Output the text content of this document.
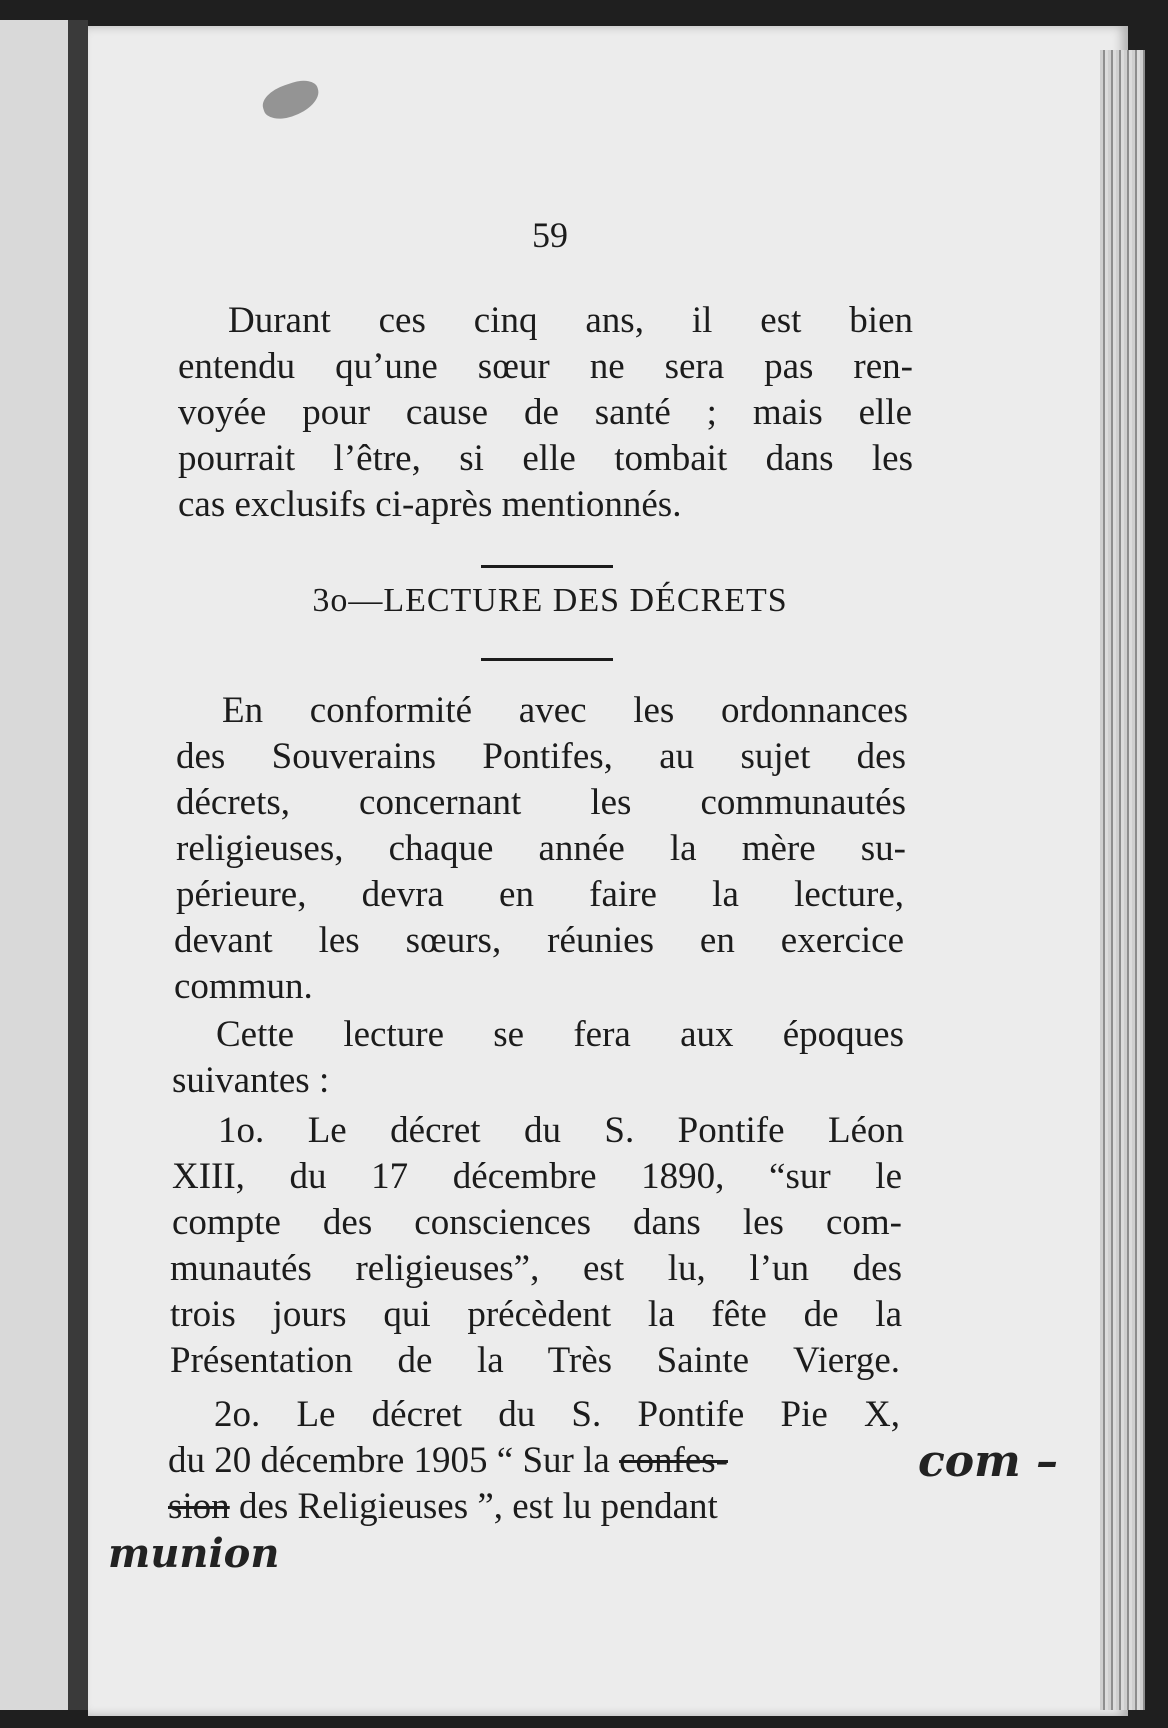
59
Durant ces cinq ans, il est bien
entendu qu’une sœur ne sera pas ren-
voyée pour cause de santé ; mais elle
pourrait l’être, si elle tombait dans les
cas exclusifs ci-après mentionnés.
3o—LECTURE DES DÉCRETS
En conformité avec les ordonnances
des Souverains Pontifes, au sujet des
décrets, concernant les communautés
religieuses, chaque année la mère su-
périeure, devra en faire la lecture,
devant les sœurs, réunies en exercice
commun.
Cette lecture se fera aux époques
suivantes :
1o. Le décret du S. Pontife Léon
XIII, du 17 décembre 1890, “sur le
compte des consciences dans les com-
munautés religieuses”, est lu, l’un des
trois jours qui précèdent la fête de la
Présentation de la Très Sainte Vierge.
2o. Le décret du S. Pontife Pie X,
du 20 décembre 1905 “ Sur la confes-
sion des Religieuses ”, est lu pendant
com –
munion
